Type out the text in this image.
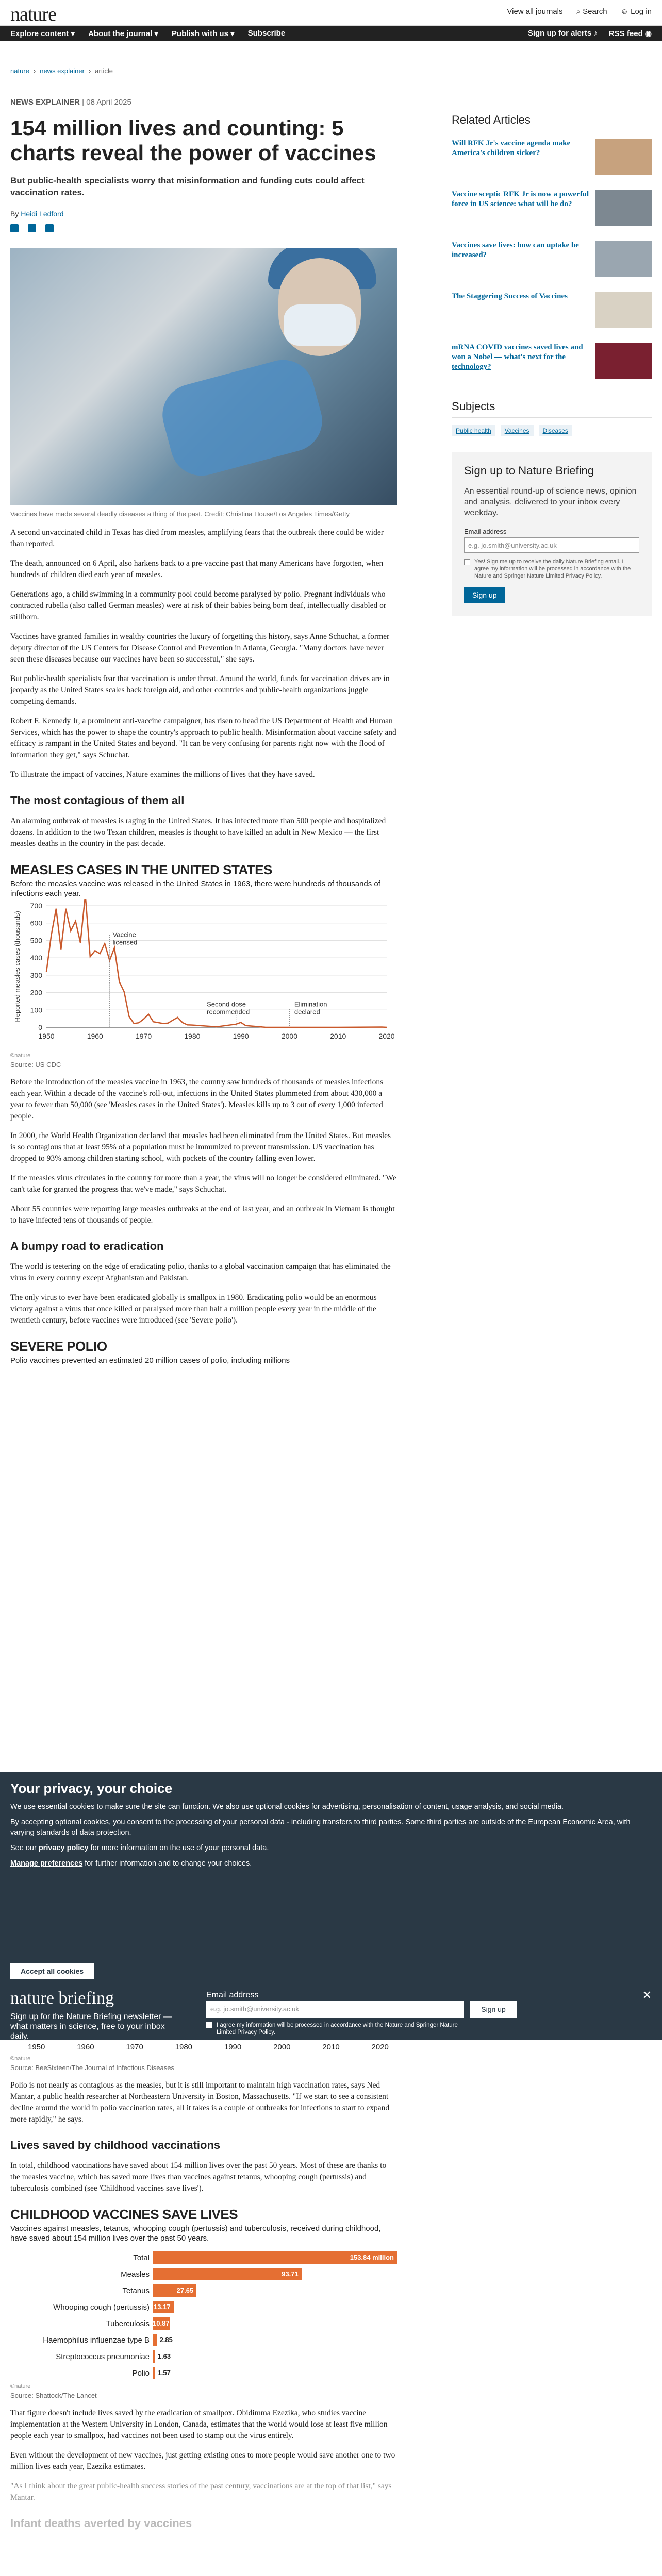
nature	View all journals ⌕ Search ☺ Log in
Explore content ▾ About the journal ▾ Publish with us ▾ Subscribe	Sign up for alerts ♪ RSS feed ◉
nature › news explainer › article
NEWS EXPLAINER | 08 April 2025
154 million lives and counting: 5 charts reveal the power of vaccines
But public-health specialists worry that misinformation and funding cuts could affect vaccination rates.
By Heidi Ledford
Vaccines have made several deadly diseases a thing of the past. Credit: Christina House/Los Angeles Times/Getty

A second unvaccinated child in Texas has died from measles, amplifying fears that the outbreak there could be wider than reported.

The death, announced on 6 April, also harkens back to a pre-vaccine past that many Americans have forgotten, when hundreds of children died each year of measles.

Generations ago, a child swimming in a community pool could become paralysed by polio. Pregnant individuals who contracted rubella (also called German measles) were at risk of their babies being born deaf, intellectually disabled or stillborn.

Vaccines have granted families in wealthy countries the luxury of forgetting this history, says Anne Schuchat, a former deputy director of the US Centers for Disease Control and Prevention in Atlanta, Georgia. "Many doctors have never seen these diseases because our vaccines have been so successful," she says.

But public-health specialists fear that vaccination is under threat. Around the world, funds for vaccination drives are in jeopardy as the United States scales back foreign aid, and other countries and public-health organizations juggle competing demands.

Robert F. Kennedy Jr, a prominent anti-vaccine campaigner, has risen to head the US Department of Health and Human Services, which has the power to shape the country's approach to public health. Misinformation about vaccine safety and efficacy is rampant in the United States and beyond. "It can be very confusing for parents right now with the flood of information they get," says Schuchat.

To illustrate the impact of vaccines, Nature examines the millions of lives that they have saved.

The most contagious of them all

An alarming outbreak of measles is raging in the United States. It has infected more than 500 people and hospitalized dozens. In addition to the two Texan children, measles is thought to have killed an adult in New Mexico — the first measles deaths in the country in the past decade.

MEASLES CASES IN THE UNITED STATES
Before the measles vaccine was released in the United States in 1963, there were hundreds of thousands of infections each year.
0
100
200
300
400
500
600
700
1950	1960	1970	1980	1990	2000	2010	2020
Reported measles cases (thousands)	Vaccine licensed
Second dose recommended
Elimination declared
©nature
Source: US CDC

Before the introduction of the measles vaccine in 1963, the country saw hundreds of thousands of measles infections each year. Within a decade of the vaccine's roll-out, infections in the United States plummeted from about 430,000 a year to fewer than 50,000 (see 'Measles cases in the United States'). Measles kills up to 3 out of every 1,000 infected people.

In 2000, the World Health Organization declared that measles had been eliminated from the United States. But measles is so contagious that at least 95% of a population must be immunized to prevent transmission. US vaccination has dropped to 93% among children starting school, with pockets of the country falling even lower.

If the measles virus circulates in the country for more than a year, the virus will no longer be considered eliminated. "We can't take for granted the progress that we've made," says Schuchat.

About 55 countries were reporting large measles outbreaks at the end of last year, and an outbreak in Vietnam is thought to have infected tens of thousands of people.

A bumpy road to eradication

The world is teetering on the edge of eradicating polio, thanks to a global vaccination campaign that has eliminated the virus in every country except Afghanistan and Pakistan.

The only virus to ever have been eradicated globally is smallpox in 1980. Eradicating polio would be an enormous victory against a virus that once killed or paralysed more than half a million people every year in the middle of the twentieth century, before vaccines were introduced (see 'Severe polio').

SEVERE POLIO
Polio vaccines prevented an estimated 20 million cases of polio, including millions
Related Articles
Will RFK Jr's vaccine agenda make America's children sicker?
Vaccine sceptic RFK Jr is now a powerful force in US science: what will he do?
Vaccines save lives: how can uptake be increased?
The Staggering Success of Vaccines
mRNA COVID vaccines saved lives and won a Nobel — what's next for the technology?
Subjects
Public health	Vaccines	Diseases
Sign up to Nature Briefing

An essential round-up of science news, opinion and analysis, delivered to your inbox every weekday.

Email address
e.g. jo.smith@university.ac.uk
Yes! Sign me up to receive the daily Nature Briefing email. I agree my information will be processed in accordance with the Nature and Springer Nature Limited Privacy Policy.
Sign up
Your privacy, your choice

We use essential cookies to make sure the site can function. We also use optional cookies for advertising, personalisation of content, usage analysis, and social media.

By accepting optional cookies, you consent to the processing of your personal data - including transfers to third parties. Some third parties are outside of the European Economic Area, with varying standards of data protection.

See our privacy policy for more information on the use of your personal data.

Manage preferences for further information and to change your choices.

Accept all cookies
nature briefing
Sign up for the Nature Briefing newsletter — what matters in science, free to your inbox daily.
Email address
e.g. jo.smith@university.ac.uk	Sign up
I agree my information will be processed in accordance with the Nature and Springer Nature Limited Privacy Policy.
✕
1950	1960	1970	1980	1990	2000	2010	2020
©nature
Source: BeeSixteen/The Journal of Infectious Diseases

Polio is not nearly as contagious as the measles, but it is still important to maintain high vaccination rates, says Ned Mantar, a public health researcher at Northeastern University in Boston, Massachusetts. "If we start to see a consistent decline around the world in polio vaccination rates, all it takes is a couple of outbreaks for infections to start to expand more rapidly," he says.

Lives saved by childhood vaccinations

In total, childhood vaccinations have saved about 154 million lives over the past 50 years. Most of these are thanks to the measles vaccine, which has saved more lives than vaccines against tetanus, whooping cough (pertussis) and tuberculosis combined (see 'Childhood vaccines save lives').

CHILDHOOD VACCINES SAVE LIVES
Vaccines against measles, tetanus, whooping cough (pertussis) and tuberculosis, received during childhood, have saved about 154 million lives over the past 50 years.
Total	153.84 million
Measles	93.71
Tetanus	27.65
Whooping cough (pertussis) 13.17
Tuberculosis 10.87
Haemophilus influenzae type B	2.85
Streptococcus pneumoniae	1.63
Polio	1.57
©nature
Source: Shattock/The Lancet

That figure doesn't include lives saved by the eradication of smallpox. Obidimma Ezezika, who studies vaccine implementation at the Western University in London, Canada, estimates that the world would lose at least five million people each year to smallpox, had vaccines not been used to stamp out the virus entirely.

Even without the development of new vaccines, just getting existing ones to more people would save another one to two million lives each year, Ezezika estimates.

"As I think about the great public-health success stories of the past century, vaccinations are at the top of that list," says Mantar.

Infant deaths averted by vaccines
